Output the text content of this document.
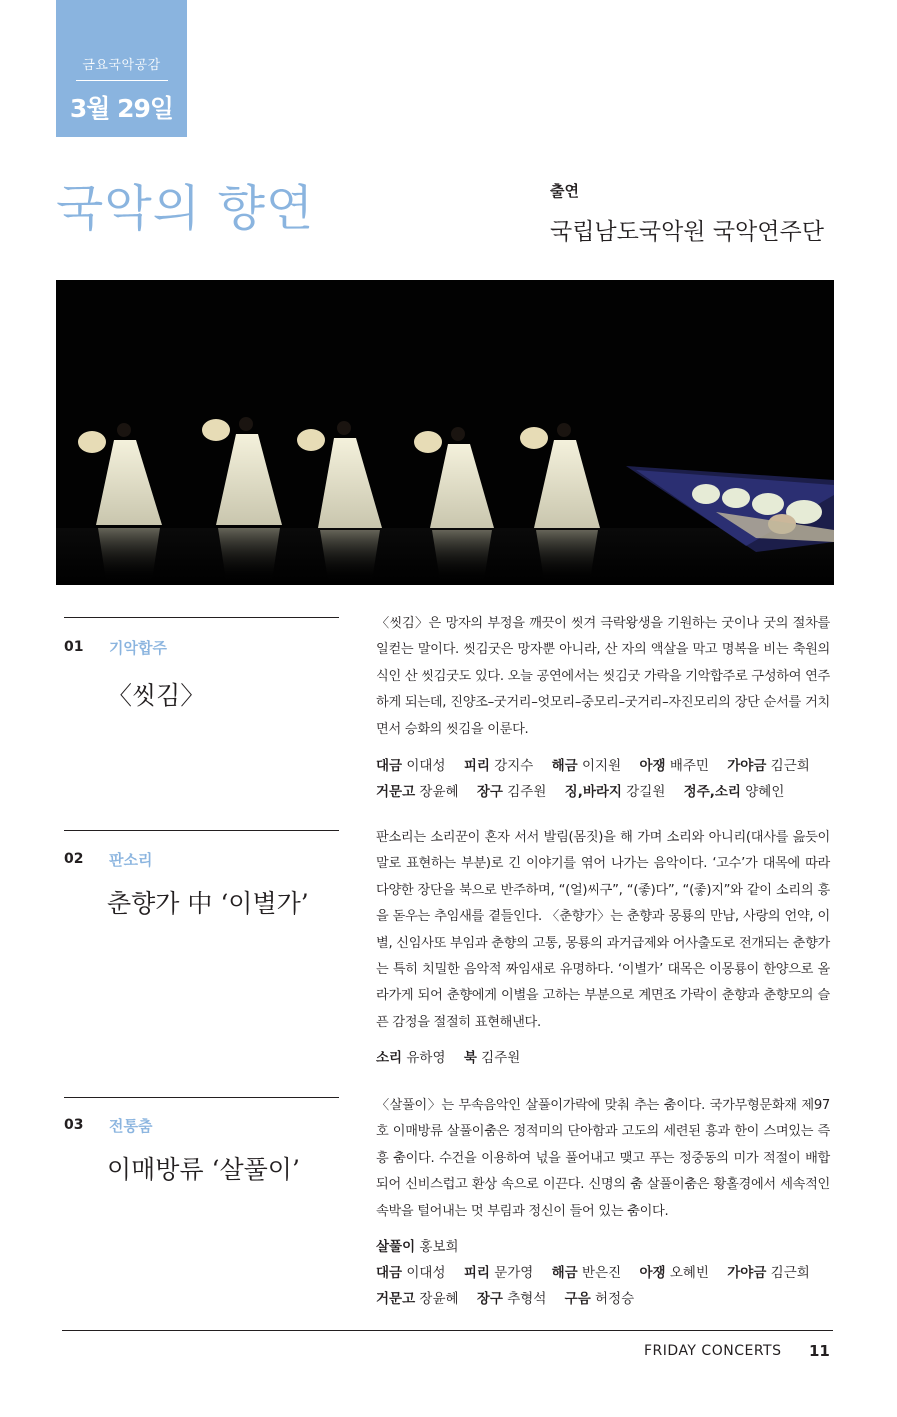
금요국악공감
3월 29일
국악의 향연	출연
국립남도국악원 국악연주단
01 기악합주
〈씻김〉

〈씻김〉은 망자의 부정을 깨끗이 씻겨 극락왕생을 기원하는 굿이나 굿의 절차를 일컫는 말이다. 씻김굿은 망자뿐 아니라, 산 자의 액살을 막고 명복을 비는 축원의식인 산 씻김굿도 있다. 오늘 공연에서는 씻김굿 가락을 기악합주로 구성하여 연주하게 되는데, 진양조–굿거리–엇모리–중모리–굿거리–자진모리의 장단 순서를 거치면서 승화의 씻김을 이룬다.

대금 이대성 피리 강지수 해금 이지원 아쟁 배주민 가야금 김근희
거문고 장윤혜 장구 김주원 징,바라지 강길원 정주,소리 양혜인
02 판소리
춘향가 中 ‘이별가’

판소리는 소리꾼이 혼자 서서 발림(몸짓)을 해 가며 소리와 아니리(대사를 읊듯이 말로 표현하는 부분)로 긴 이야기를 엮어 나가는 음악이다. ‘고수’가 대목에 따라 다양한 장단을 북으로 반주하며, “(얼)씨구”, “(좋)다”, “(좋)지”와 같이 소리의 흥을 돋우는 추임새를 곁들인다. 〈춘향가〉는 춘향과 몽룡의 만남, 사랑의 언약, 이별, 신임사또 부임과 춘향의 고통, 몽룡의 과거급제와 어사출도로 전개되는 춘향가는 특히 치밀한 음악적 짜임새로 유명하다. ‘이별가’ 대목은 이몽룡이 한양으로 올라가게 되어 춘향에게 이별을 고하는 부분으로 계면조 가락이 춘향과 춘향모의 슬픈 감정을 절절히 표현해낸다.

소리 유하영 북 김주원
03 전통춤
이매방류 ‘살풀이’

〈살풀이〉는 무속음악인 살풀이가락에 맞춰 추는 춤이다. 국가무형문화재 제97호 이매방류 살풀이춤은 정적미의 단아함과 고도의 세련된 흥과 한이 스며있는 즉흥 춤이다. 수건을 이용하여 넋을 풀어내고 맺고 푸는 정중동의 미가 적절이 배합되어 신비스럽고 환상 속으로 이끈다. 신명의 춤 살풀이춤은 황홀경에서 세속적인 속박을 털어내는 멋 부림과 정신이 들어 있는 춤이다.

살풀이 홍보희
대금 이대성 피리 문가영 해금 반은진 아쟁 오혜빈 가야금 김근희
거문고 장윤혜 장구 추형석 구음 허정승
FRIDAY CONCERTS 11
